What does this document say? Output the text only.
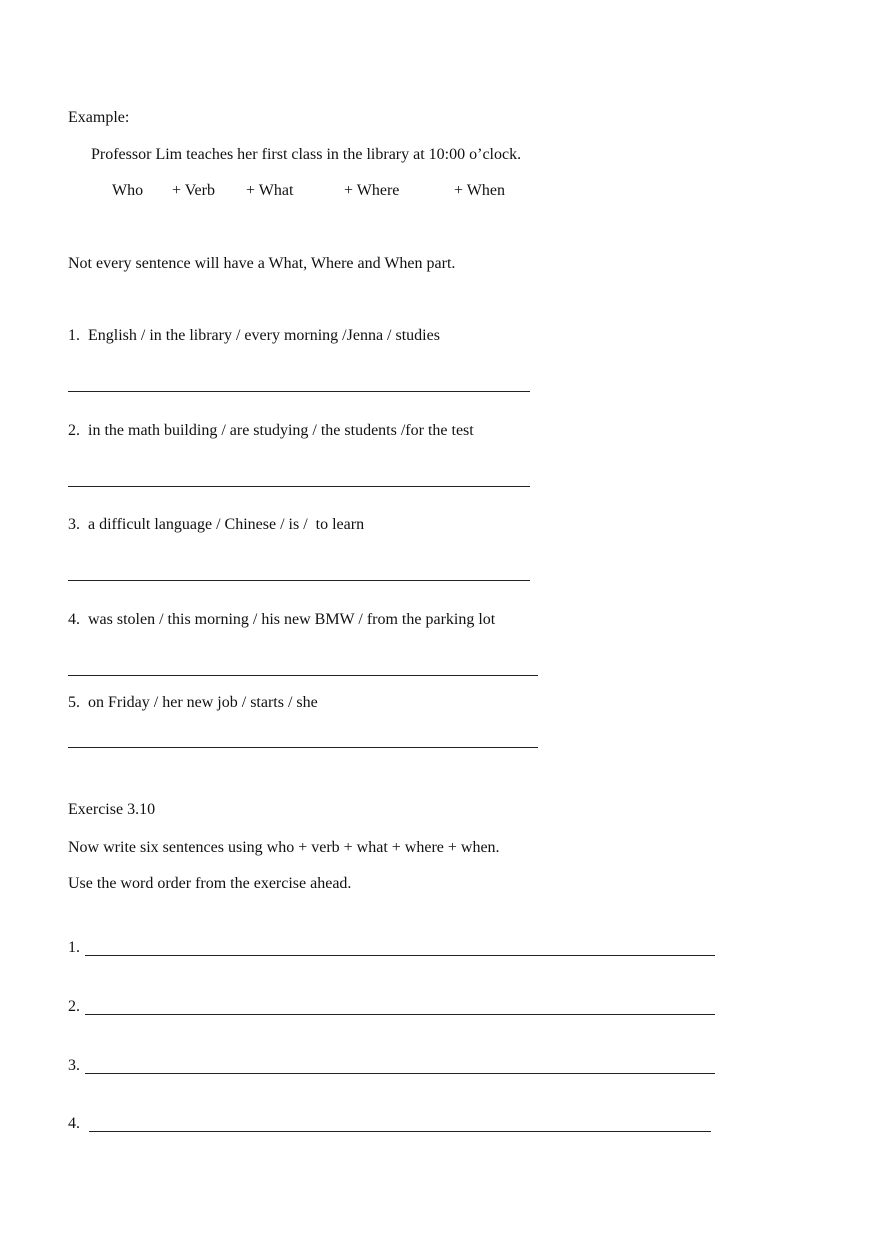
Example:
Professor Lim teaches her first class in the library at 10:00 o’clock.
Who + Verb + What	+ Where	+ When
Not every sentence will have a What, Where and When part.
1.  English / in the library / every morning /Jenna / studies
2.  in the math building / are studying / the students /for the test
3.  a difficult language / Chinese / is /  to learn
4.  was stolen / this morning / his new BMW / from the parking lot
5.  on Friday / her new job / starts / she
Exercise 3.10
Now write six sentences using who + verb + what + where + when.
Use the word order from the exercise ahead.
1.
2.
3.
4.
